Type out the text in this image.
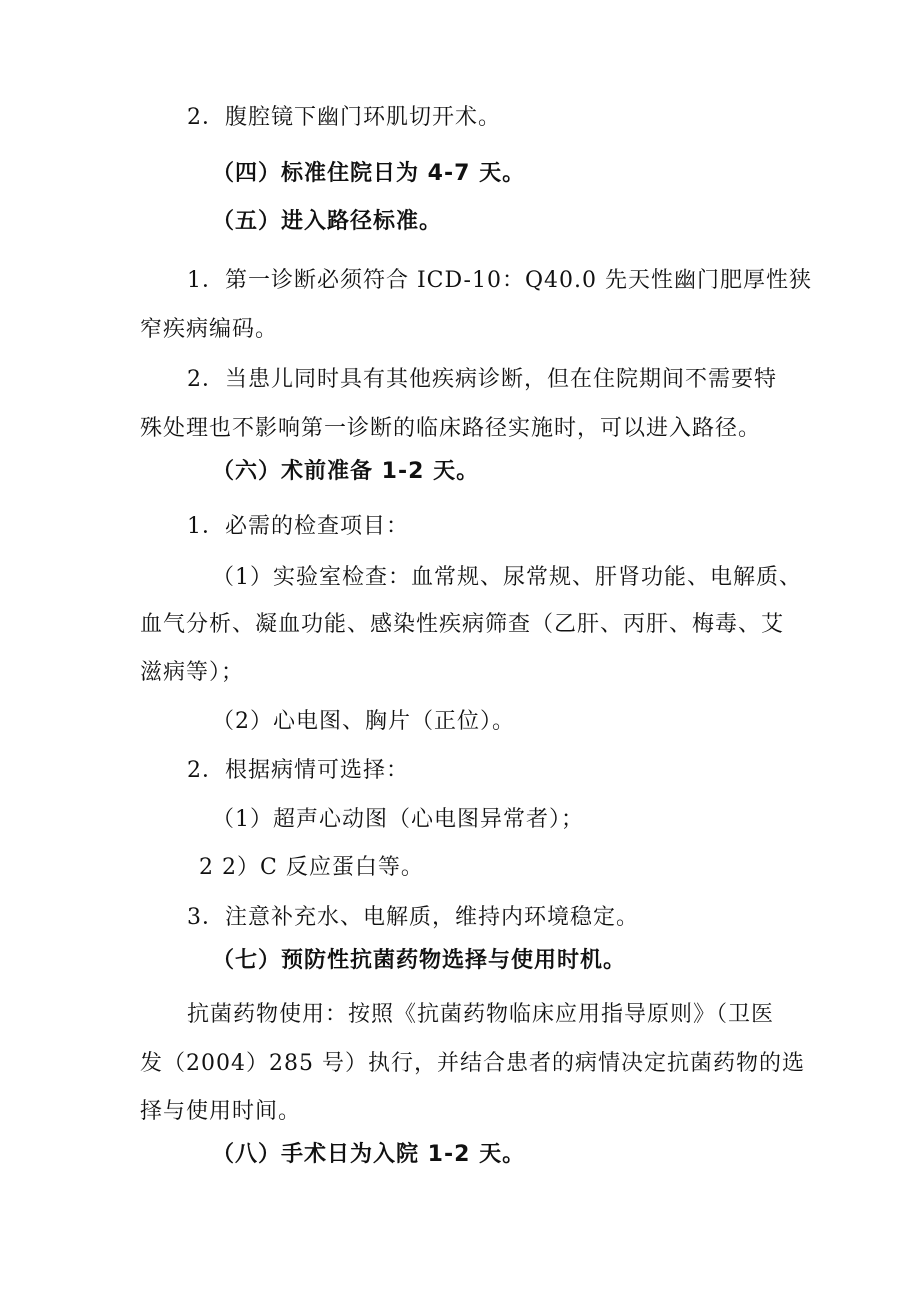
2．腹腔镜下幽门环肌切开术。
（四）标准住院日为 4-7 天。
（五）进入路径标准。
1．第一诊断必须符合 ICD-10：Q40.0 先天性幽门肥厚性狭
窄疾病编码。
2．当患儿同时具有其他疾病诊断，但在住院期间不需要特
殊处理也不影响第一诊断的临床路径实施时，可以进入路径。
（六）术前准备 1-2 天。
1．必需的检查项目：
（1）实验室检查：血常规、尿常规、肝肾功能、电解质、
血气分析、凝血功能、感染性疾病筛查（乙肝、丙肝、梅毒、艾
滋病等）；
（2）心电图、胸片（正位）。
2．根据病情可选择：
（1）超声心动图（心电图异常者）；
2 2）C 反应蛋白等。
3．注意补充水、电解质，维持内环境稳定。
（七）预防性抗菌药物选择与使用时机。
抗菌药物使用：按照《抗菌药物临床应用指导原则》（卫医
发（2004）285 号）执行，并结合患者的病情决定抗菌药物的选
择与使用时间。
（八）手术日为入院 1-2 天。
